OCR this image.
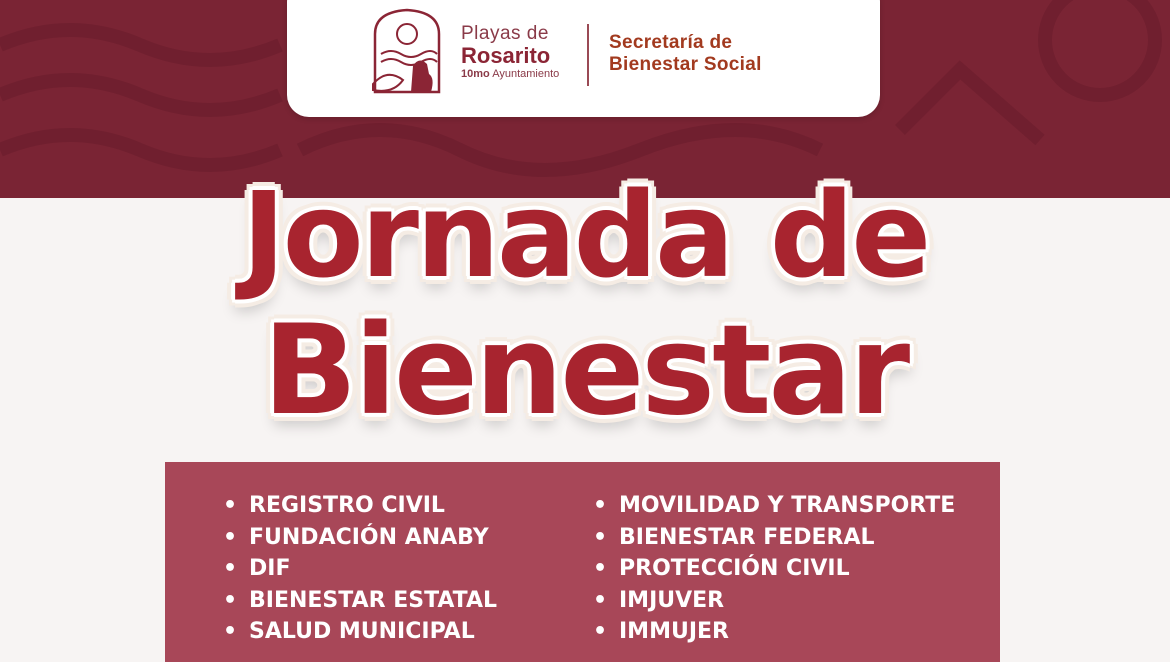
Playas de
Rosarito
10mo Ayuntamiento
Secretaría de
Bienestar Social
Jornada de
Bienestar
• REGISTRO CIVIL
• FUNDACIÓN ANABY
• DIF
• BIENESTAR ESTATAL
• SALUD MUNICIPAL
• MOVILIDAD Y TRANSPORTE
• BIENESTAR FEDERAL
• PROTECCIÓN CIVIL
• IMJUVER
• IMMUJER
